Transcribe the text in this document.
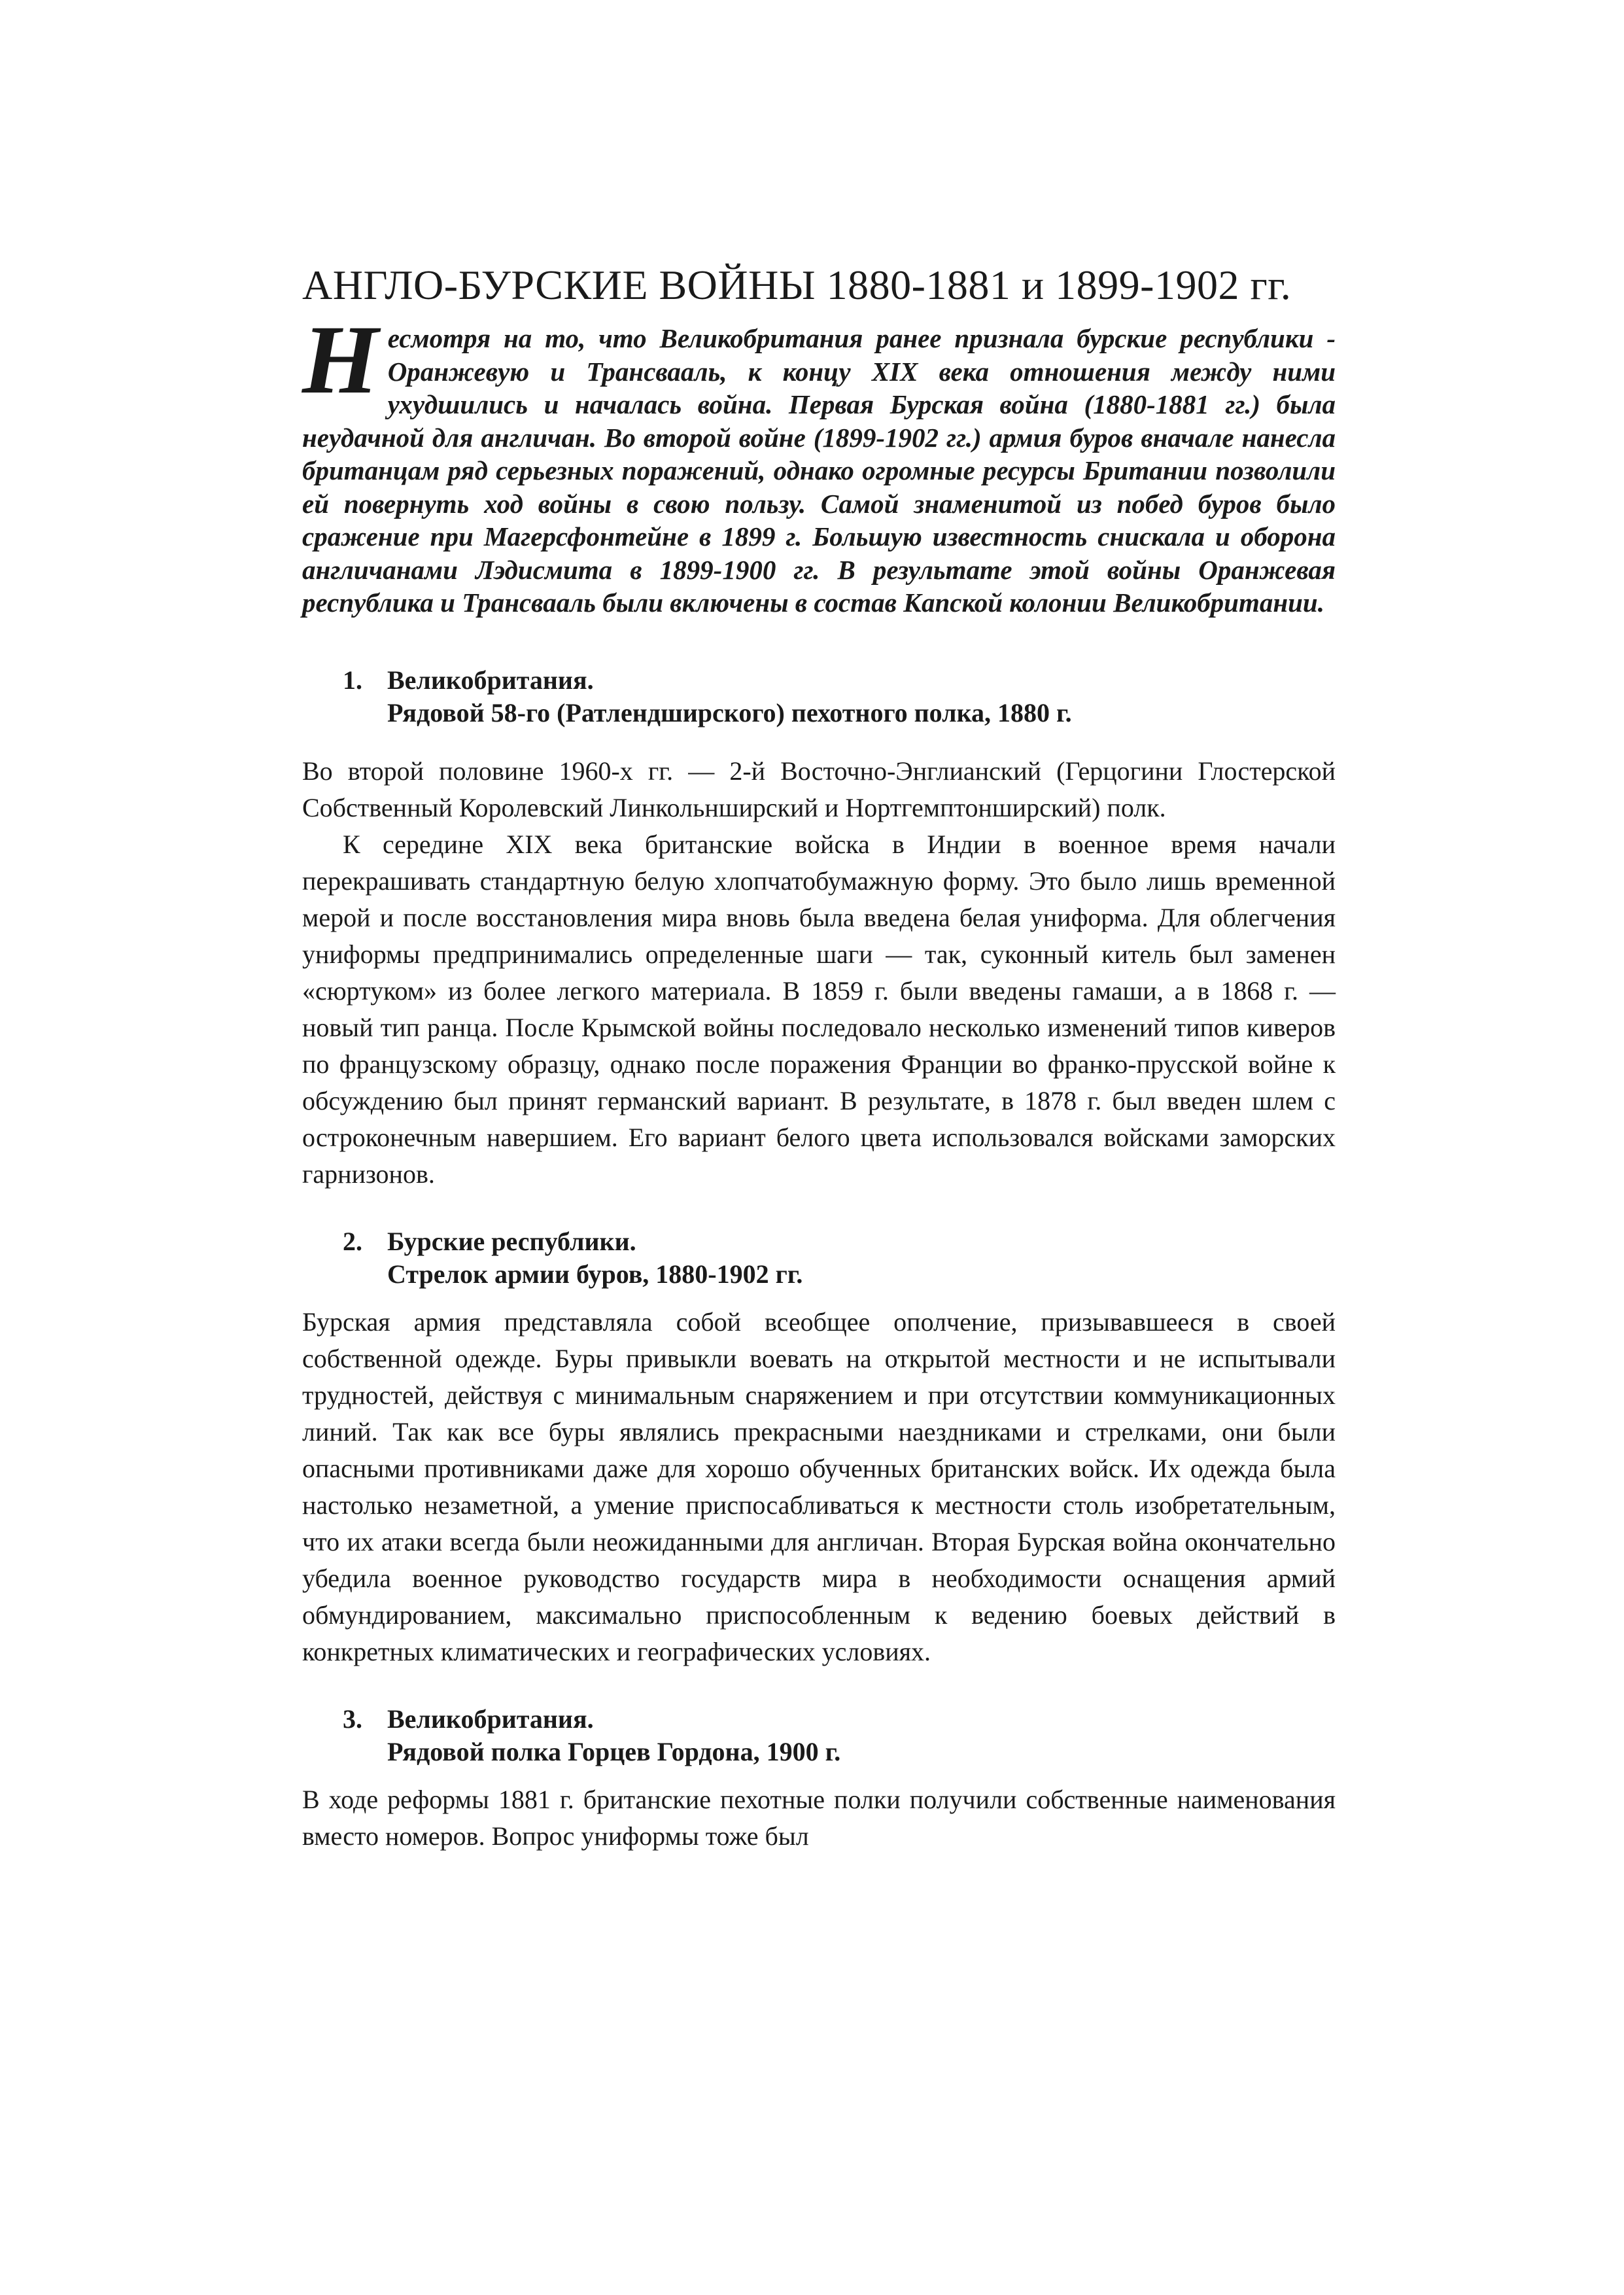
АНГЛО-БУРСКИЕ ВОЙНЫ 1880-1881 и 1899-1902 гг.

Несмотря на то, что Великобритания ранее признала бурские республики - Оранжевую и Трансвааль, к концу XIX века отношения между ними ухудшились и началась война. Первая Бурская война (1880-1881 гг.) была неудачной для англичан. Во второй войне (1899-1902 гг.) армия буров вначале нанесла британцам ряд серьезных поражений, однако огромные ресурсы Британии позволили ей повернуть ход войны в свою пользу. Самой знаменитой из побед буров было сражение при Магерсфонтейне в 1899 г. Большую известность снискала и оборона англичанами Лэдисмита в 1899-1900 гг. В результате этой войны Оранжевая республика и Трансвааль были включены в состав Капской колонии Великобритании.

1. Великобритания.
Рядовой 58-го (Ратлендширского) пехотного полка, 1880 г.

Во второй половине 1960-х гг. — 2-й Восточно-Энглианский (Герцогини Глостерской Собственный Королевский Линкольнширский и Нортгемптонширский) полк.

К середине XIX века британские войска в Индии в военное время начали перекрашивать стандартную белую хлопчатобумажную форму. Это было лишь временной мерой и после восстановления мира вновь была введена белая униформа. Для облегчения униформы предпринимались определенные шаги — так, суконный китель был заменен «сюртуком» из более легкого материала. В 1859 г. были введены гамаши, а в 1868 г. — новый тип ранца. После Крымской войны последовало несколько изменений типов киверов по французскому образцу, однако после поражения Франции во франко-прусской войне к обсуждению был принят германский вариант. В результате, в 1878 г. был введен шлем с остроконечным навершием. Его вариант белого цвета использовался войсками заморских гарнизонов.

2. Бурские республики.
Стрелок армии буров, 1880-1902 гг.

Бурская армия представляла собой всеобщее ополчение, призывавшееся в своей собственной одежде. Буры привыкли воевать на открытой местности и не испытывали трудностей, действуя с минимальным снаряжением и при отсутствии коммуникационных линий. Так как все буры являлись прекрасными наездниками и стрелками, они были опасными противниками даже для хорошо обученных британских войск. Их одежда была настолько незаметной, а умение приспосабливаться к местности столь изобретательным, что их атаки всегда были неожиданными для англичан. Вторая Бурская война окончательно убедила военное руководство государств мира в необходимости оснащения армий обмундированием, максимально приспособленным к ведению боевых действий в конкретных климатических и географических условиях.

3. Великобритания.
Рядовой полка Горцев Гордона, 1900 г.

В ходе реформы 1881 г. британские пехотные полки получили собственные наименования вместо номеров. Вопрос униформы тоже был
